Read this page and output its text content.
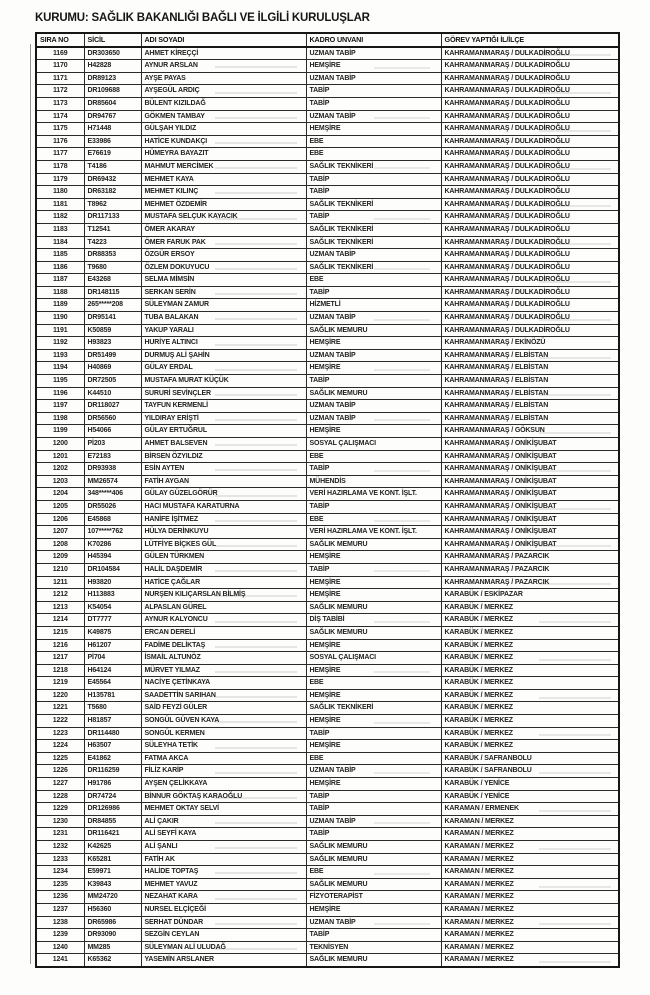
KURUMU: SAĞLIK BAKANLIĞI BAĞLI VE İLGİLİ KURULUŞLAR
SIRA NO	SİCİL	ADI SOYADI	KADRO UNVANI	GÖREV YAPTIĞI İL/İLÇE
1169	DR303650	AHMET KİREÇÇİ	UZMAN TABİP	KAHRAMANMARAŞ / DULKADİROĞLU
1170	H42828	AYNUR ARSLAN	HEMŞİRE	KAHRAMANMARAŞ / DULKADİROĞLU
1171	DR89123	AYŞE PAYAS	UZMAN TABİP	KAHRAMANMARAŞ / DULKADİROĞLU
1172	DR109688	AYŞEGÜL ARDIÇ	TABİP	KAHRAMANMARAŞ / DULKADİROĞLU
1173	DR85604	BÜLENT KIZILDAĞ	TABİP	KAHRAMANMARAŞ / DULKADİROĞLU
1174	DR94767	GÖKMEN TAMBAY	UZMAN TABİP	KAHRAMANMARAŞ / DULKADİROĞLU
1175	H71448	GÜLŞAH YILDIZ	HEMŞİRE	KAHRAMANMARAŞ / DULKADİROĞLU
1176	E33986	HATİCE KUNDAKÇI	EBE	KAHRAMANMARAŞ / DULKADİROĞLU
1177	E76619	HÜMEYRA BAYAZIT	EBE	KAHRAMANMARAŞ / DULKADİROĞLU
1178	T4186	MAHMUT MERCİMEK	SAĞLIK TEKNİKERİ	KAHRAMANMARAŞ / DULKADİROĞLU
1179	DR69432	MEHMET KAYA	TABİP	KAHRAMANMARAŞ / DULKADİROĞLU
1180	DR63182	MEHMET KILINÇ	TABİP	KAHRAMANMARAŞ / DULKADİROĞLU
1181	T8962	MEHMET ÖZDEMİR	SAĞLIK TEKNİKERİ	KAHRAMANMARAŞ / DULKADİROĞLU
1182	DR117133	MUSTAFA SELÇUK KAYACIK	TABİP	KAHRAMANMARAŞ / DULKADİROĞLU
1183	T12541	ÖMER AKARAY	SAĞLIK TEKNİKERİ	KAHRAMANMARAŞ / DULKADİROĞLU
1184	T4223	ÖMER FARUK PAK	SAĞLIK TEKNİKERİ	KAHRAMANMARAŞ / DULKADİROĞLU
1185	DR88353	ÖZGÜR ERSOY	UZMAN TABİP	KAHRAMANMARAŞ / DULKADİROĞLU
1186	T9680	ÖZLEM DOKUYUCU	SAĞLIK TEKNİKERİ	KAHRAMANMARAŞ / DULKADİROĞLU
1187	E43268	SELMA MİMSİN	EBE	KAHRAMANMARAŞ / DULKADİROĞLU
1188	DR148115	SERKAN SERİN	TABİP	KAHRAMANMARAŞ / DULKADİROĞLU
1189	265*****208	SÜLEYMAN ZAMUR	HİZMETLİ	KAHRAMANMARAŞ / DULKADİROĞLU
1190	DR95141	TUBA BALAKAN	UZMAN TABİP	KAHRAMANMARAŞ / DULKADİROĞLU
1191	K50859	YAKUP YARALI	SAĞLIK MEMURU	KAHRAMANMARAŞ / DULKADİROĞLU
1192	H93823	HURİYE ALTINCI	HEMŞİRE	KAHRAMANMARAŞ / EKİNÖZÜ
1193	DR51499	DURMUŞ ALİ ŞAHİN	UZMAN TABİP	KAHRAMANMARAŞ / ELBİSTAN
1194	H40869	GÜLAY ERDAL	HEMŞİRE	KAHRAMANMARAŞ / ELBİSTAN
1195	DR72505	MUSTAFA MURAT KÜÇÜK	TABİP	KAHRAMANMARAŞ / ELBİSTAN
1196	K44510	SURURİ SEVİNÇLER	SAĞLIK MEMURU	KAHRAMANMARAŞ / ELBİSTAN
1197	DR118027	TAYFUN KERMENLİ	UZMAN TABİP	KAHRAMANMARAŞ / ELBİSTAN
1198	DR56560	YILDIRAY ERİŞTİ	UZMAN TABİP	KAHRAMANMARAŞ / ELBİSTAN
1199	H54066	GÜLAY ERTUĞRUL	HEMŞİRE	KAHRAMANMARAŞ / GÖKSUN
1200	Pİ203	AHMET BALSEVEN	SOSYAL ÇALIŞMACI	KAHRAMANMARAŞ / ONİKİŞUBAT
1201	E72183	BİRSEN ÖZYILDIZ	EBE	KAHRAMANMARAŞ / ONİKİŞUBAT
1202	DR93938	ESİN AYTEN	TABİP	KAHRAMANMARAŞ / ONİKİŞUBAT
1203	MM26574	FATİH AYGAN	MÜHENDİS	KAHRAMANMARAŞ / ONİKİŞUBAT
1204	348*****406	GÜLAY GÜZELGÖRÜR	VERİ HAZIRLAMA VE KONT. İŞLT.	KAHRAMANMARAŞ / ONİKİŞUBAT
1205	DR55026	HACI MUSTAFA KARATURNA	TABİP	KAHRAMANMARAŞ / ONİKİŞUBAT
1206	E45868	HANİFE İŞİTMEZ	EBE	KAHRAMANMARAŞ / ONİKİŞUBAT
1207	107*****762	HÜLYA DERİNKUYU	VERİ HAZIRLAMA VE KONT. İŞLT.	KAHRAMANMARAŞ / ONİKİŞUBAT
1208	K70286	LÜTFİYE BİÇKES GÜL	SAĞLIK MEMURU	KAHRAMANMARAŞ / ONİKİŞUBAT
1209	H45394	GÜLEN TÜRKMEN	HEMŞİRE	KAHRAMANMARAŞ / PAZARCIK
1210	DR104584	HALİL DAŞDEMİR	TABİP	KAHRAMANMARAŞ / PAZARCIK
1211	H93820	HATİCE ÇAĞLAR	HEMŞİRE	KAHRAMANMARAŞ / PAZARCIK
1212	H113883	NURŞEN KILIÇARSLAN BİLMİŞ	HEMŞİRE	KARABÜK / ESKİPAZAR
1213	K54054	ALPASLAN GÜREL	SAĞLIK MEMURU	KARABÜK / MERKEZ
1214	DT7777	AYNUR KALYONCU	DİŞ TABİBİ	KARABÜK / MERKEZ
1215	K49875	ERCAN DERELİ	SAĞLIK MEMURU	KARABÜK / MERKEZ
1216	H61207	FADİME DELİKTAŞ	HEMŞİRE	KARABÜK / MERKEZ
1217	Pİ704	İSMAİL ALTUNÖZ	SOSYAL ÇALIŞMACI	KARABÜK / MERKEZ
1218	H64124	MÜRVET YILMAZ	HEMŞİRE	KARABÜK / MERKEZ
1219	E45564	NACİYE ÇETİNKAYA	EBE	KARABÜK / MERKEZ
1220	H135781	SAADETTİN SARIHAN	HEMŞİRE	KARABÜK / MERKEZ
1221	T5680	SAİD FEYZİ GÜLER	SAĞLIK TEKNİKERİ	KARABÜK / MERKEZ
1222	H81857	SONGÜL GÜVEN KAYA	HEMŞİRE	KARABÜK / MERKEZ
1223	DR114480	SONGÜL KERMEN	TABİP	KARABÜK / MERKEZ
1224	H63507	SÜLEYHA TETİK	HEMŞİRE	KARABÜK / MERKEZ
1225	E41862	FATMA AKCA	EBE	KARABÜK / SAFRANBOLU
1226	DR116259	FİLİZ KARİP	UZMAN TABİP	KARABÜK / SAFRANBOLU
1227	H91786	AYŞEN ÇELİKKAYA	HEMŞİRE	KARABÜK / YENİCE
1228	DR74724	BİNNUR GÖKTAŞ KARAOĞLU	TABİP	KARABÜK / YENİCE
1229	DR126986	MEHMET OKTAY SELVİ	TABİP	KARAMAN / ERMENEK
1230	DR84855	ALİ ÇAKIR	UZMAN TABİP	KARAMAN / MERKEZ
1231	DR116421	ALİ SEYFİ KAYA	TABİP	KARAMAN / MERKEZ
1232	K42625	ALİ ŞANLI	SAĞLIK MEMURU	KARAMAN / MERKEZ
1233	K65281	FATİH AK	SAĞLIK MEMURU	KARAMAN / MERKEZ
1234	E59971	HALİDE TOPTAŞ	EBE	KARAMAN / MERKEZ
1235	K39843	MEHMET YAVUZ	SAĞLIK MEMURU	KARAMAN / MERKEZ
1236	MM24720	NEZAHAT KARA	FİZYOTERAPİST	KARAMAN / MERKEZ
1237	H56360	NURSEL ELÇİÇEĞİ	HEMŞİRE	KARAMAN / MERKEZ
1238	DR65986	SERHAT DÜNDAR	UZMAN TABİP	KARAMAN / MERKEZ
1239	DR93090	SEZGİN CEYLAN	TABİP	KARAMAN / MERKEZ
1240	MM285	SÜLEYMAN ALİ ULUDAĞ	TEKNİSYEN	KARAMAN / MERKEZ
1241	K65362	YASEMİN ARSLANER	SAĞLIK MEMURU	KARAMAN / MERKEZ
